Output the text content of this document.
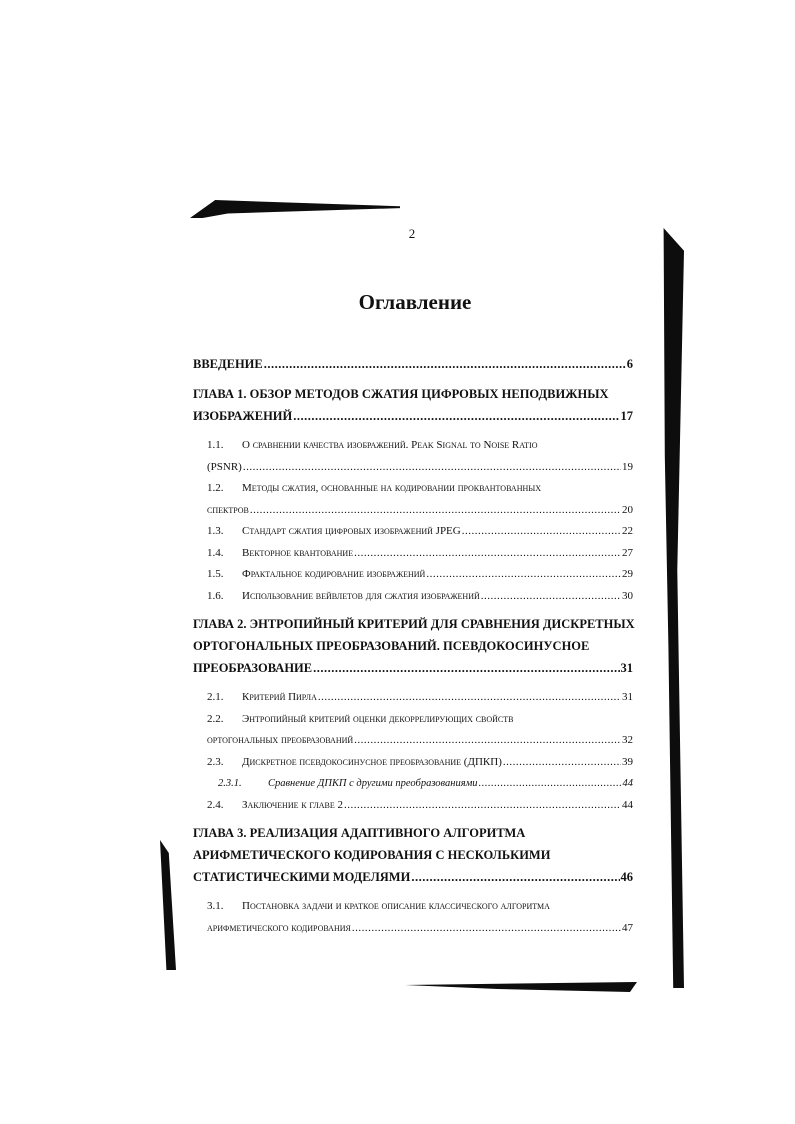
2
Оглавление
ВВЕДЕНИЕ .....	6
ГЛАВА 1. ОБЗОР МЕТОДОВ СЖАТИЯ ЦИФРОВЫХ НЕПОДВИЖНЫХ
ИЗОБРАЖЕНИЙ .....	17
1.1. О сравнении качества изображений. Peak Signal to Noise Ratio
(PSNR) .....	19
1.2. Методы сжатия, основанные на кодировании проквантованных
спектров .....	20
1.3.	Стандарт сжатия цифровых изображений JPEG .....	22
1.4.	Векторное квантование .....	27
1.5.	Фрактальное кодирование изображений .....	29
1.6.	Использование вейвлетов для сжатия изображений .....	30
ГЛАВА 2. ЭНТРОПИЙНЫЙ КРИТЕРИЙ ДЛЯ СРАВНЕНИЯ ДИСКРЕТНЫХ
ОРТОГОНАЛЬНЫХ ПРЕОБРАЗОВАНИЙ. ПСЕВДОКОСИНУСНОЕ
ПРЕОБРАЗОВАНИЕ .....	31
2.1.	Критерий Пирла .....	31
2.2. Энтропийный критерий оценки декоррелирующих свойств
ортогональных преобразований .....	32
2.3.	Дискретное псевдокосинусное преобразование (ДПКП) .....	39
2.3.1.	Сравнение ДПКП с другими преобразованиями .....	44
2.4.	Заключение к главе 2 .....	44
ГЛАВА 3. РЕАЛИЗАЦИЯ АДАПТИВНОГО АЛГОРИТМА
АРИФМЕТИЧЕСКОГО КОДИРОВАНИЯ С НЕСКОЛЬКИМИ
СТАТИСТИЧЕСКИМИ МОДЕЛЯМИ .....	46
3.1. Постановка задачи и краткое описание классического алгоритма
арифметического кодирования .....	47
